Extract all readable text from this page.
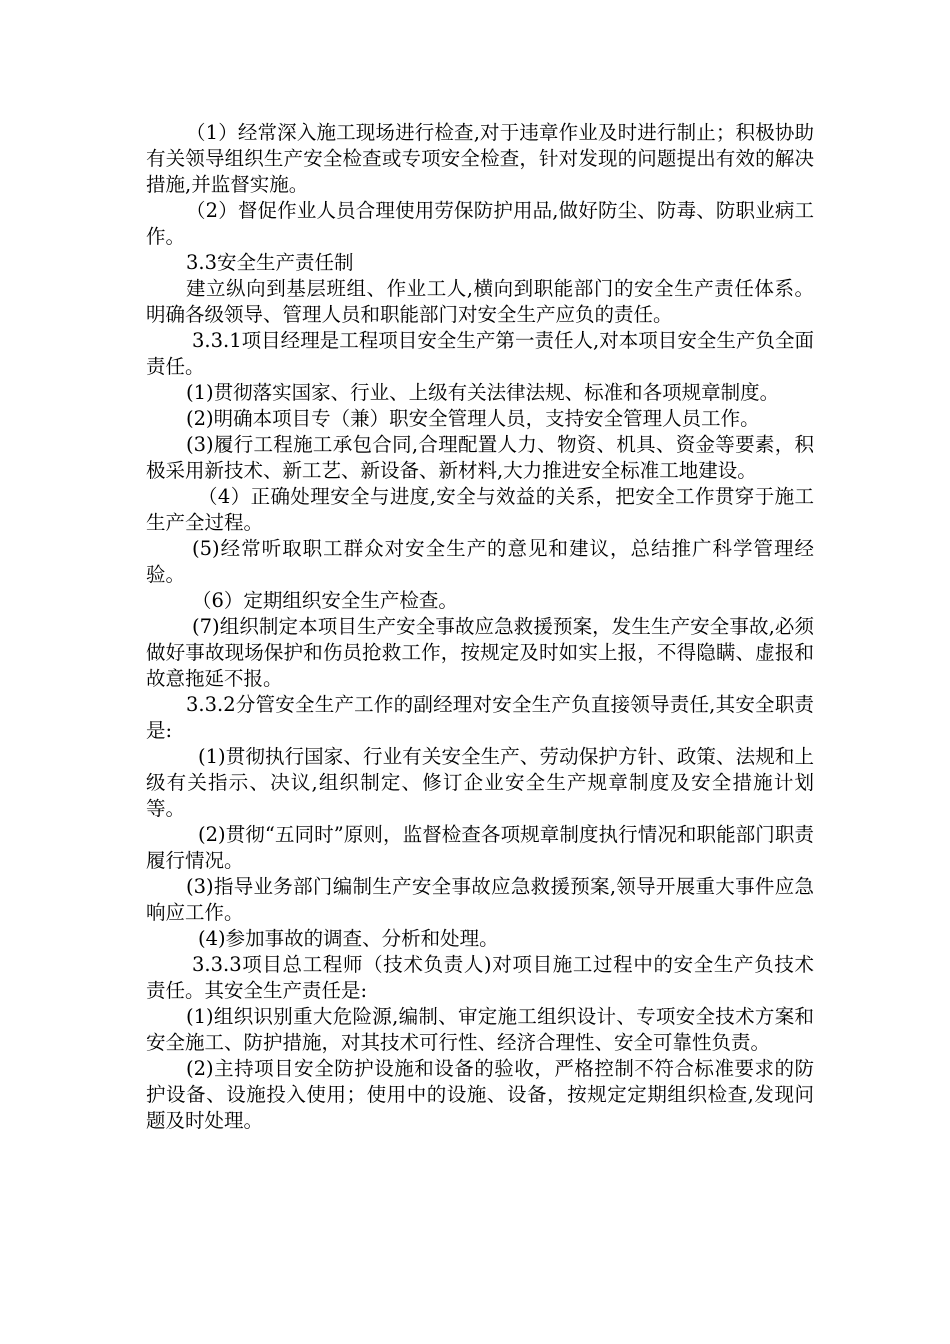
（1）经常深入施工现场进行检查,对于违章作业及时进行制止；积极协助有关领导组织生产安全检查或专项安全检查，针对发现的问题提出有效的解决措施,并监督实施。

（2）督促作业人员合理使用劳保防护用品,做好防尘、防毒、防职业病工作。

3.3安全生产责任制

建立纵向到基层班组、作业工人,横向到职能部门的安全生产责任体系。明确各级领导、管理人员和职能部门对安全生产应负的责任。

3.3.1项目经理是工程项目安全生产第一责任人,对本项目安全生产负全面责任。

(1)贯彻落实国家、行业、上级有关法律法规、标准和各项规章制度。

(2)明确本项目专（兼）职安全管理人员，支持安全管理人员工作。

(3)履行工程施工承包合同,合理配置人力、物资、机具、资金等要素，积极采用新技术、新工艺、新设备、新材料,大力推进安全标准工地建设。

（4）正确处理安全与进度,安全与效益的关系，把安全工作贯穿于施工生产全过程。

(5)经常听取职工群众对安全生产的意见和建议，总结推广科学管理经验。

（6）定期组织安全生产检查。

(7)组织制定本项目生产安全事故应急救援预案，发生生产安全事故,必须做好事故现场保护和伤员抢救工作，按规定及时如实上报，不得隐瞒、虚报和故意拖延不报。

3.3.2分管安全生产工作的副经理对安全生产负直接领导责任,其安全职责是:

(1)贯彻执行国家、行业有关安全生产、劳动保护方针、政策、法规和上级有关指示、决议,组织制定、修订企业安全生产规章制度及安全措施计划等。

(2)贯彻“五同时”原则，监督检查各项规章制度执行情况和职能部门职责履行情况。

(3)指导业务部门编制生产安全事故应急救援预案,领导开展重大事件应急响应工作。

(4)参加事故的调查、分析和处理。

3.3.3项目总工程师（技术负责人)对项目施工过程中的安全生产负技术责任。其安全生产责任是:

(1)组织识别重大危险源,编制、审定施工组织设计、专项安全技术方案和安全施工、防护措施，对其技术可行性、经济合理性、安全可靠性负责。

(2)主持项目安全防护设施和设备的验收，严格控制不符合标准要求的防护设备、设施投入使用；使用中的设施、设备，按规定定期组织检查,发现问题及时处理。
